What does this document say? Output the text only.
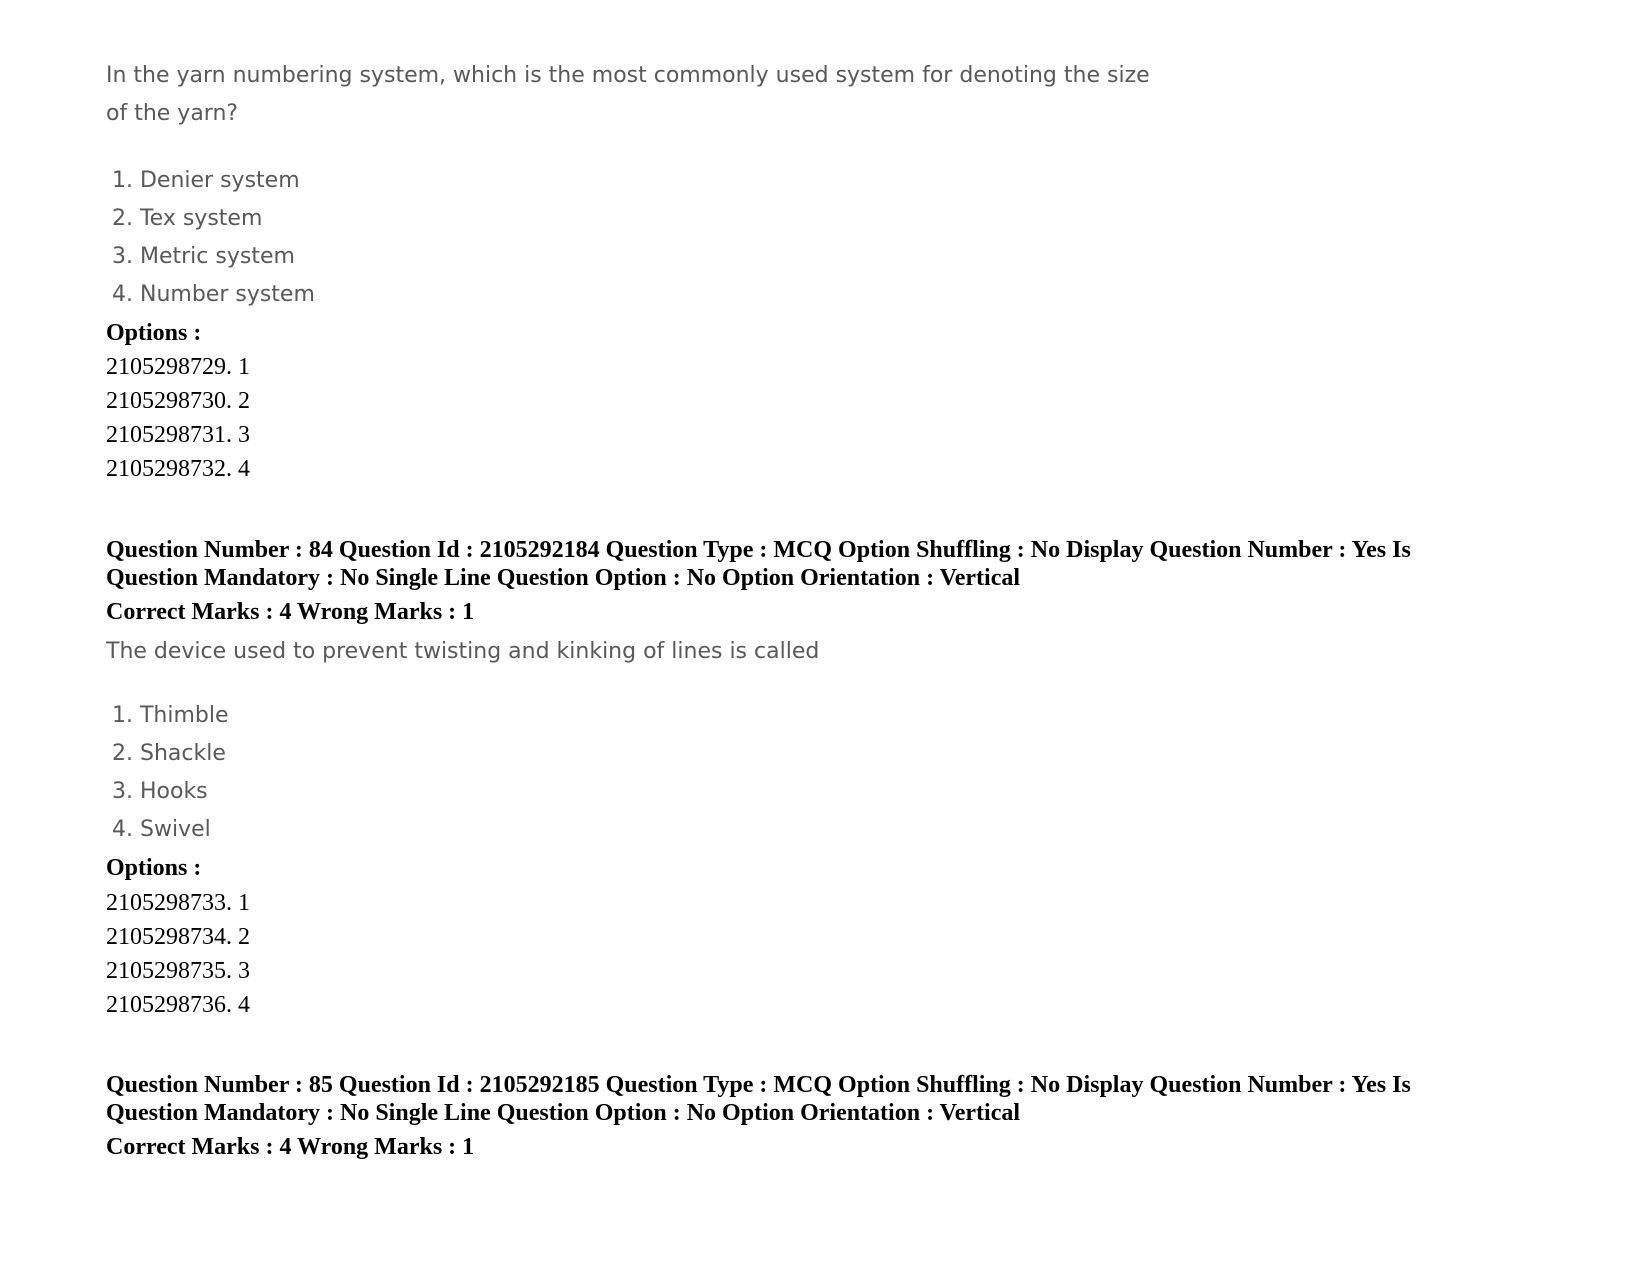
In the yarn numbering system, which is the most commonly used system for denoting the size
of the yarn?
1. Denier system
2. Tex system
3. Metric system
4. Number system
Options :
2105298729. 1
2105298730. 2
2105298731. 3
2105298732. 4
Question Number : 84 Question Id : 2105292184 Question Type : MCQ Option Shuffling : No Display Question Number : Yes Is
Question Mandatory : No Single Line Question Option : No Option Orientation : Vertical
Correct Marks : 4 Wrong Marks : 1
The device used to prevent twisting and kinking of lines is called
1. Thimble
2. Shackle
3. Hooks
4. Swivel
Options :
2105298733. 1
2105298734. 2
2105298735. 3
2105298736. 4
Question Number : 85 Question Id : 2105292185 Question Type : MCQ Option Shuffling : No Display Question Number : Yes Is
Question Mandatory : No Single Line Question Option : No Option Orientation : Vertical
Correct Marks : 4 Wrong Marks : 1
